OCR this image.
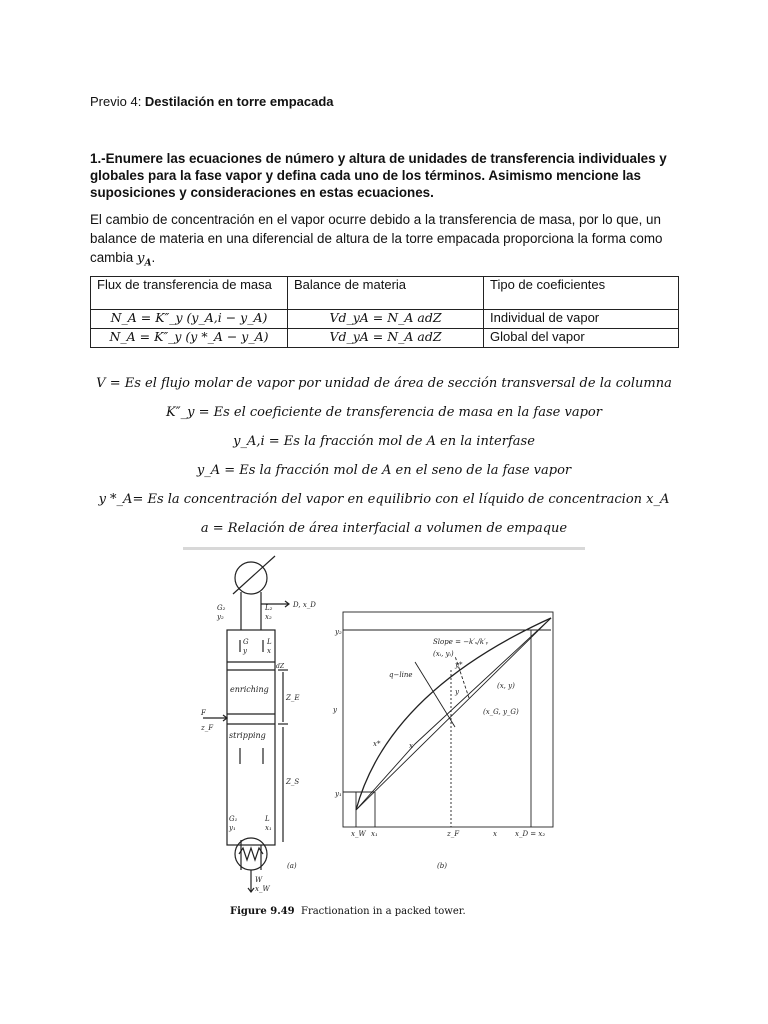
Previo 4: Destilación en torre empacada
1.-Enumere las ecuaciones de número y altura de unidades de transferencia individuales y globales para la fase vapor y defina cada uno de los términos. Asimismo mencione las suposiciones y consideraciones en estas ecuaciones.
El cambio de concentración en el vapor ocurre debido a la transferencia de masa, por lo que, un balance de materia en una diferencial de altura de la torre empacada proporciona la forma como cambia $y_A$.
Flux de transferencia de masa	Balance de materia	Tipo de coeficientes
N_A = K″_y (y_A,i − y_A)	Vd_yA = N_A adZ	Individual de vapor
N_A = K″_y (y *_A − y_A)	Vd_yA = N_A adZ	Global del vapor
V = Es el flujo molar de vapor por unidad de área de sección transversal de la columna
K″_y = Es el coeficiente de transferencia de masa en la fase vapor
y_A,i = Es la fracción mol de A en la interfase
y_A = Es la fracción mol de A en el seno de la fase vapor
y *_A= Es la concentración del vapor en equilibrio con el líquido de concentracion x_A
a = Relación de área interfacial a volumen de empaque
G₂
y₂
L₂
x₂
D, x_D
G
y
L
x
dZ
Z_E
enriching
F
z_F
stripping
Z_S
G₁
y₁
L
x₁
W
x_W
(a)
y₂
Slope = −k′ₓ/k′ᵧ
(xᵢ, yᵢ)
y*
q−line
(x, y)
y
(x_G, y_G)
x*	x
y₁
x_W x₁	z_F	x	x_D = x₂
y
(b)
Figure 9.49 Fractionation in a packed tower.
